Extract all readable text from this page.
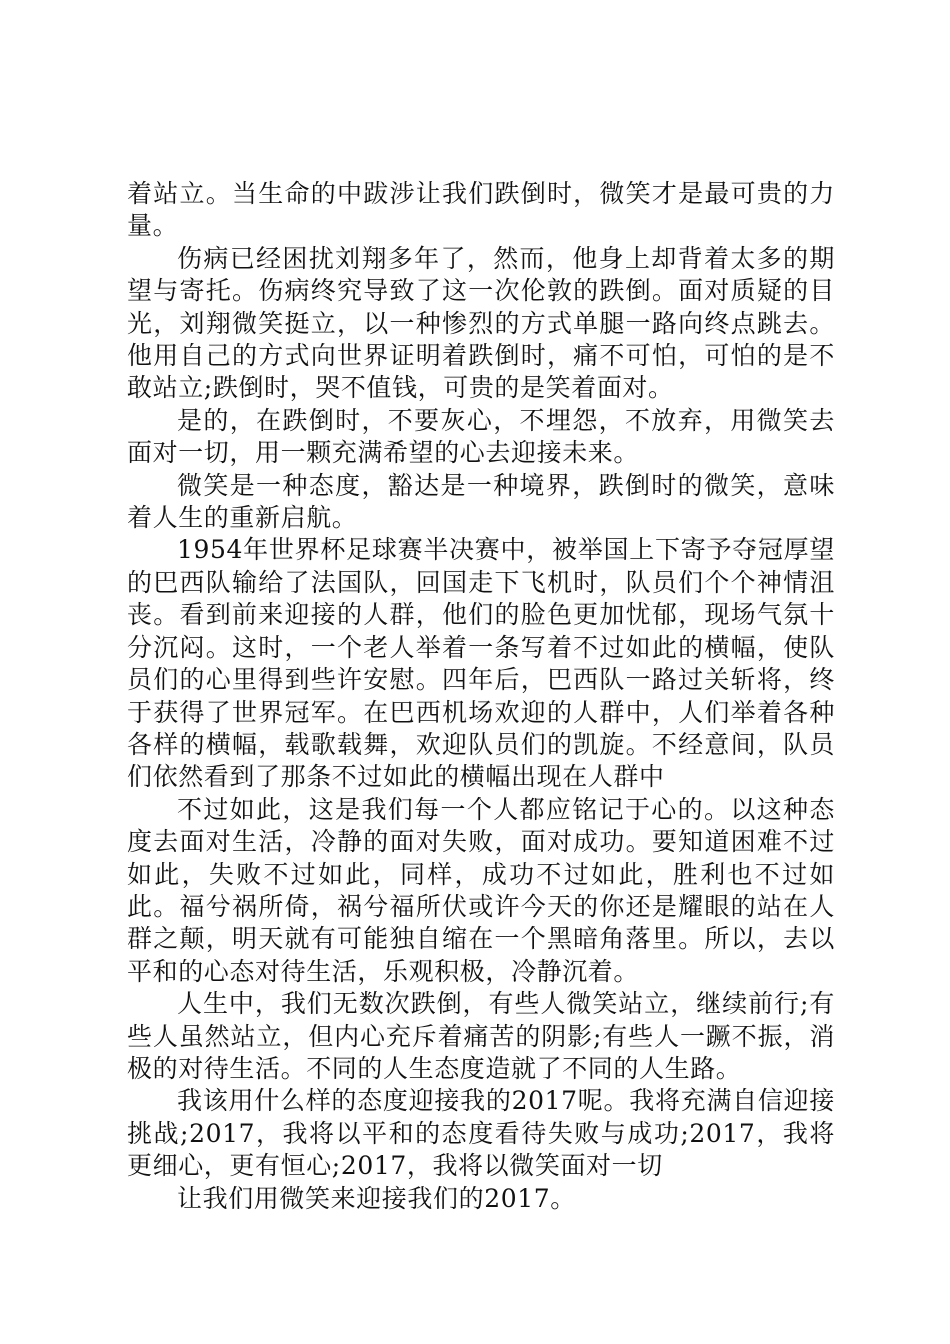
着站立。当生命的中跋涉让我们跌倒时，微笑才是最可贵的力量。

伤病已经困扰刘翔多年了，然而，他身上却背着太多的期望与寄托。伤病终究导致了这一次伦敦的跌倒。面对质疑的目光，刘翔微笑挺立，以一种惨烈的方式单腿一路向终点跳去。他用自己的方式向世界证明着跌倒时，痛不可怕，可怕的是不敢站立;跌倒时，哭不值钱，可贵的是笑着面对。

是的，在跌倒时，不要灰心，不埋怨，不放弃，用微笑去面对一切，用一颗充满希望的心去迎接未来。

微笑是一种态度，豁达是一种境界，跌倒时的微笑，意味着人生的重新启航。

1954年世界杯足球赛半决赛中，被举国上下寄予夺冠厚望的巴西队输给了法国队，回国走下飞机时，队员们个个神情沮丧。看到前来迎接的人群，他们的脸色更加忧郁，现场气氛十分沉闷。这时，一个老人举着一条写着不过如此的横幅，使队员们的心里得到些许安慰。四年后，巴西队一路过关斩将，终于获得了世界冠军。在巴西机场欢迎的人群中，人们举着各种各样的横幅，载歌载舞，欢迎队员们的凯旋。不经意间，队员们依然看到了那条不过如此的横幅出现在人群中

不过如此，这是我们每一个人都应铭记于心的。以这种态度去面对生活，冷静的面对失败，面对成功。要知道困难不过如此，失败不过如此，同样，成功不过如此，胜利也不过如此。福兮祸所倚，祸兮福所伏或许今天的你还是耀眼的站在人群之颠，明天就有可能独自缩在一个黑暗角落里。所以，去以平和的心态对待生活，乐观积极，冷静沉着。

人生中，我们无数次跌倒，有些人微笑站立，继续前行;有些人虽然站立，但内心充斥着痛苦的阴影;有些人一蹶不振，消极的对待生活。不同的人生态度造就了不同的人生路。

我该用什么样的态度迎接我的2017呢。我将充满自信迎接挑战;2017，我将以平和的态度看待失败与成功;2017，我将更细心，更有恒心;2017，我将以微笑面对一切

让我们用微笑来迎接我们的2017。
